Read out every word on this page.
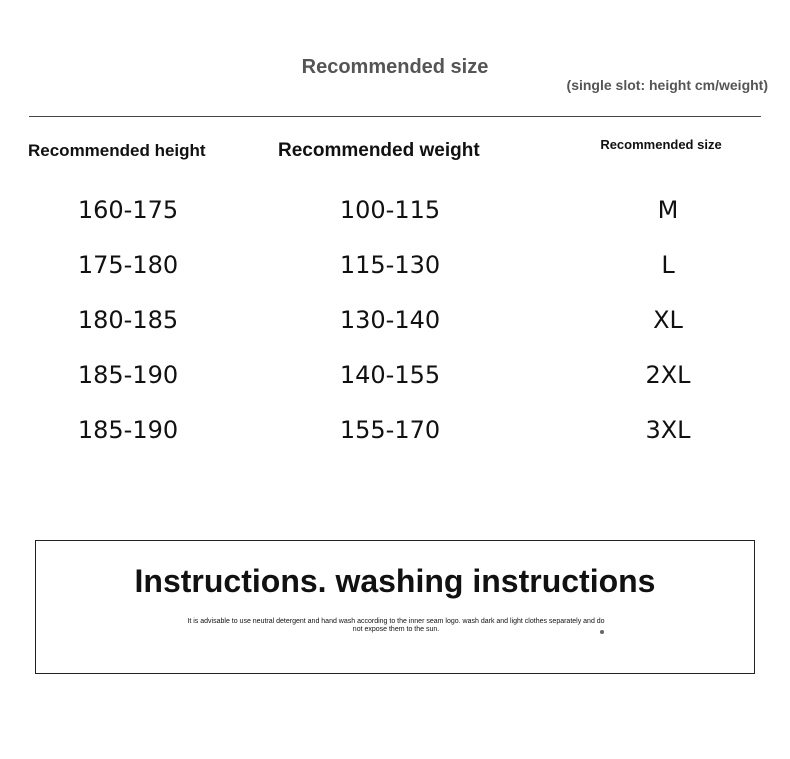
Recommended size
(single slot: height cm/weight)
Recommended height	Recommended weight	Recommended size
160-175	100-115	M
175-180	115-130	L
180-185	130-140	XL
185-190	140-155	2XL
185-190	155-170	3XL
Instructions. washing instructions
It is advisable to use neutral detergent and hand wash according to the inner seam logo. wash dark and light clothes separately and do not expose them to the sun.
